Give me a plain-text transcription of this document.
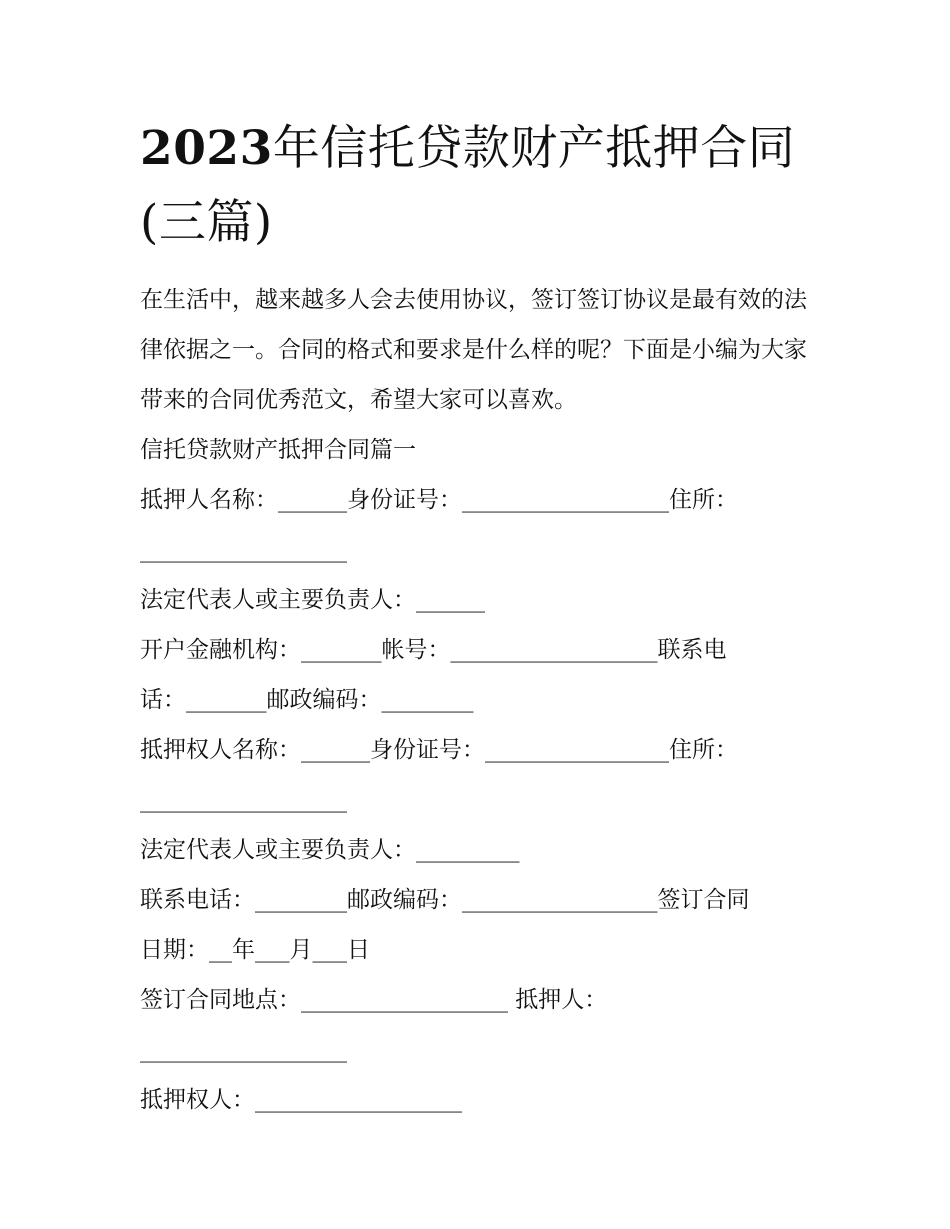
2023年信托贷款财产抵押合同(三篇)

在生活中，越来越多人会去使用协议，签订签订协议是最有效的法律依据之一。合同的格式和要求是什么样的呢？下面是小编为大家带来的合同优秀范文，希望大家可以喜欢。

信托贷款财产抵押合同篇一
抵押人名称：______身份证号：__________________住所：
__________________
法定代表人或主要负责人：______
开户金融机构：_______帐号：__________________联系电
话：_______邮政编码：________
抵押权人名称：______身份证号：________________住所：
__________________
法定代表人或主要负责人：_________
联系电话：________邮政编码：_________________签订合同
日期：__年___月___日
签订合同地点：__________________ 抵押人：
__________________
抵押权人：__________________
